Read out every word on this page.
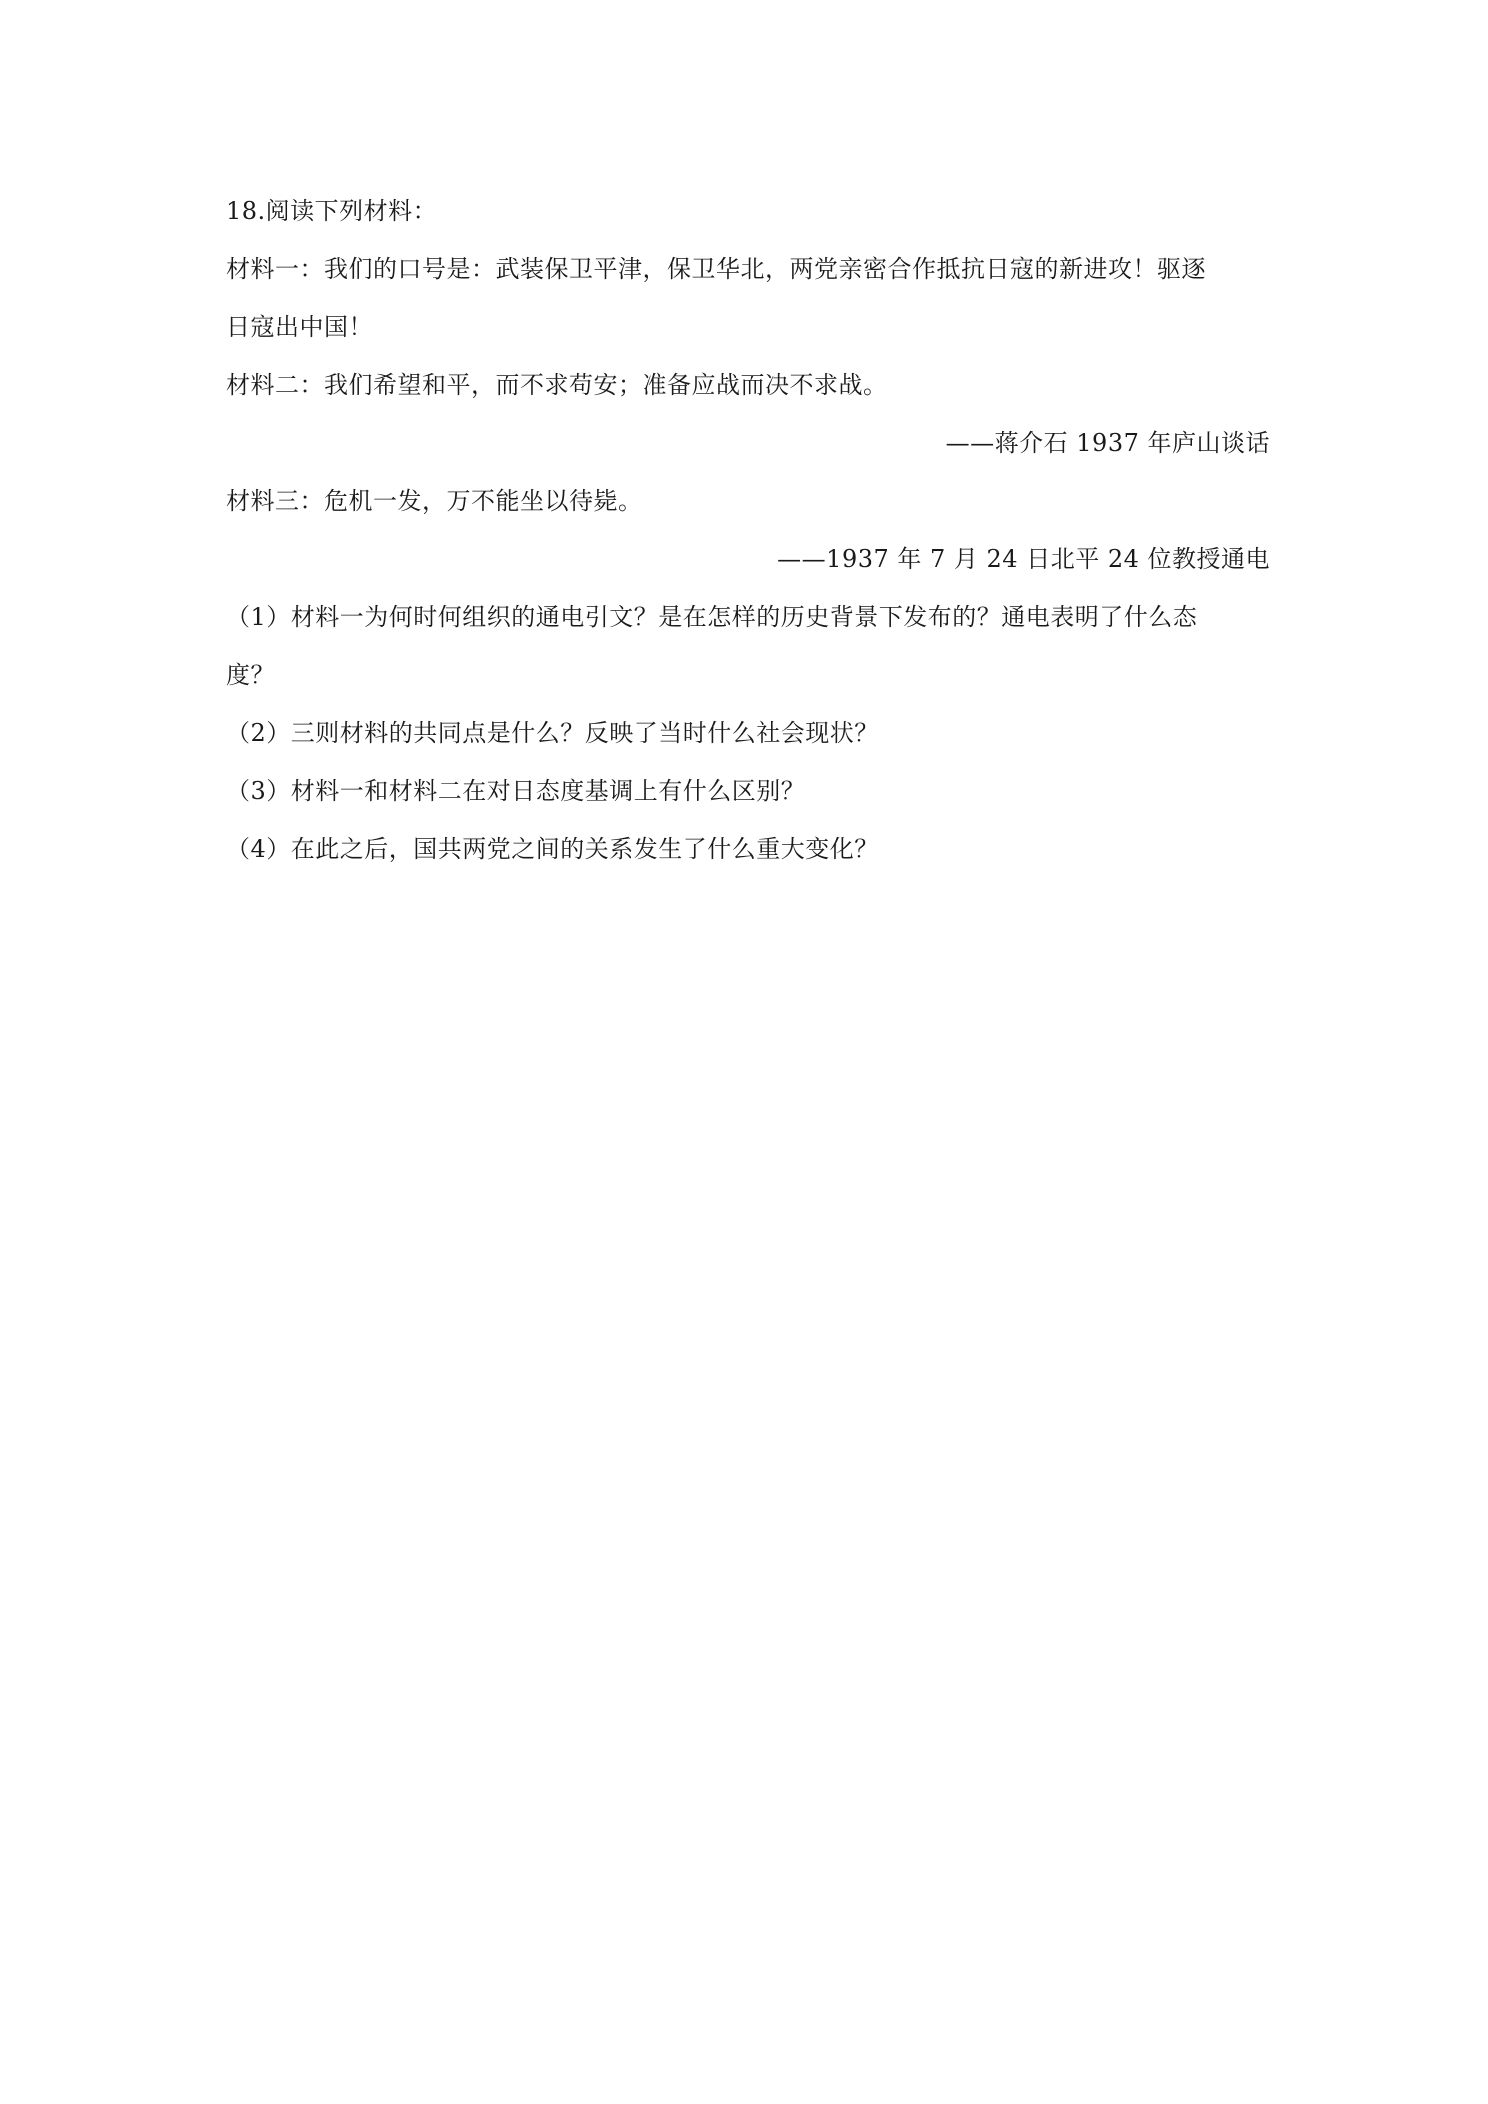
18.阅读下列材料：
材料一：我们的口号是：武装保卫平津，保卫华北，两党亲密合作抵抗日寇的新进攻！驱逐
日寇出中国！
材料二：我们希望和平，而不求苟安；准备应战而决不求战。
——蒋介石 1937 年庐山谈话
材料三：危机一发，万不能坐以待毙。
——1937 年 7 月 24 日北平 24 位教授通电
（1）材料一为何时何组织的通电引文？是在怎样的历史背景下发布的？通电表明了什么态
度？
（2）三则材料的共同点是什么？反映了当时什么社会现状？
（3）材料一和材料二在对日态度基调上有什么区别？
（4）在此之后，国共两党之间的关系发生了什么重大变化？
